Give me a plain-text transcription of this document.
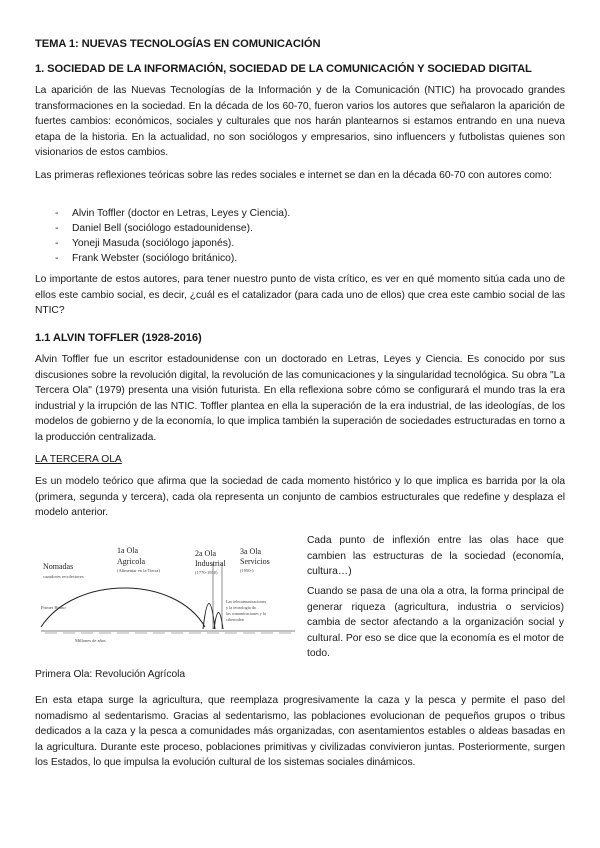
TEMA 1: NUEVAS TECNOLOGÍAS EN COMUNICACIÓN

1. SOCIEDAD DE LA INFORMACIÓN, SOCIEDAD DE LA COMUNICACIÓN Y SOCIEDAD DIGITAL

La aparición de las Nuevas Tecnologías de la Información y de la Comunicación (NTIC) ha provocado grandes transformaciones en la sociedad. En la década de los 60-70, fueron varios los autores que señalaron la aparición de fuertes cambios: económicos, sociales y culturales que nos harán plantearnos si estamos entrando en una nueva etapa de la historia. En la actualidad, no son sociólogos y empresarios, sino influencers y futbolistas quienes son visionarios de estos cambios.

Las primeras reflexiones teóricas sobre las redes sociales e internet se dan en la década 60-70 con autores como:

- Alvin Toffler (doctor en Letras, Leyes y Ciencia).
- Daniel Bell (sociólogo estadounidense).
- Yoneji Masuda (sociólogo japonés).
- Frank Webster (sociólogo británico).

Lo importante de estos autores, para tener nuestro punto de vista crítico, es ver en qué momento sitúa cada uno de ellos este cambio social, es decir, ¿cuál es el catalizador (para cada uno de ellos) que crea este cambio social de las NTIC?

1.1 ALVIN TOFFLER (1928-2016)

Alvin Toffler fue un escritor estadounidense con un doctorado en Letras, Leyes y Ciencia. Es conocido por sus discusiones sobre la revolución digital, la revolución de las comunicaciones y la singularidad tecnológica. Su obra "La Tercera Ola" (1979) presenta una visión futurista. En ella reflexiona sobre cómo se configurará el mundo tras la era industrial y la irrupción de las NTIC. Toffler plantea en ella la superación de la era industrial, de las ideologías, de los modelos de gobierno y de la economía, lo que implica también la superación de sociedades estructuradas en torno a la producción centralizada.

LA TERCERA OLA

Es un modelo teórico que afirma que la sociedad de cada momento histórico y lo que implica es barrida por la ola (primera, segunda y tercera), cada ola representa un conjunto de cambios estructurales que redefine y desplaza el modelo anterior.

Nomadas
cazadores recolectores
1a Ola
Agricola
(Alimentar en la Tierra)
2a Ola
Industrial
(1770-1950)
3a Ola
Servicios
(1950-)
Primer Homo
Las telecomunicaciones
y la tecnología da
las comunicaciones y la
ciberorden
Millones de años

Cada punto de inflexión entre las olas hace que cambien las estructuras de la sociedad (economía, cultura…)

Cuando se pasa de una ola a otra, la forma principal de generar riqueza (agricultura, industria o servicios) cambia de sector afectando a la organización social y cultural. Por eso se dice que la economía es el motor de todo.

Primera Ola: Revolución Agrícola

En esta etapa surge la agricultura, que reemplaza progresivamente la caza y la pesca y permite el paso del nomadismo al sedentarismo. Gracias al sedentarismo, las poblaciones evolucionan de pequeños grupos o tribus dedicados a la caza y la pesca a comunidades más organizadas, con asentamientos estables o aldeas basadas en la agricultura. Durante este proceso, poblaciones primitivas y civilizadas convivieron juntas. Posteriormente, surgen los Estados, lo que impulsa la evolución cultural de los sistemas sociales dinámicos.
